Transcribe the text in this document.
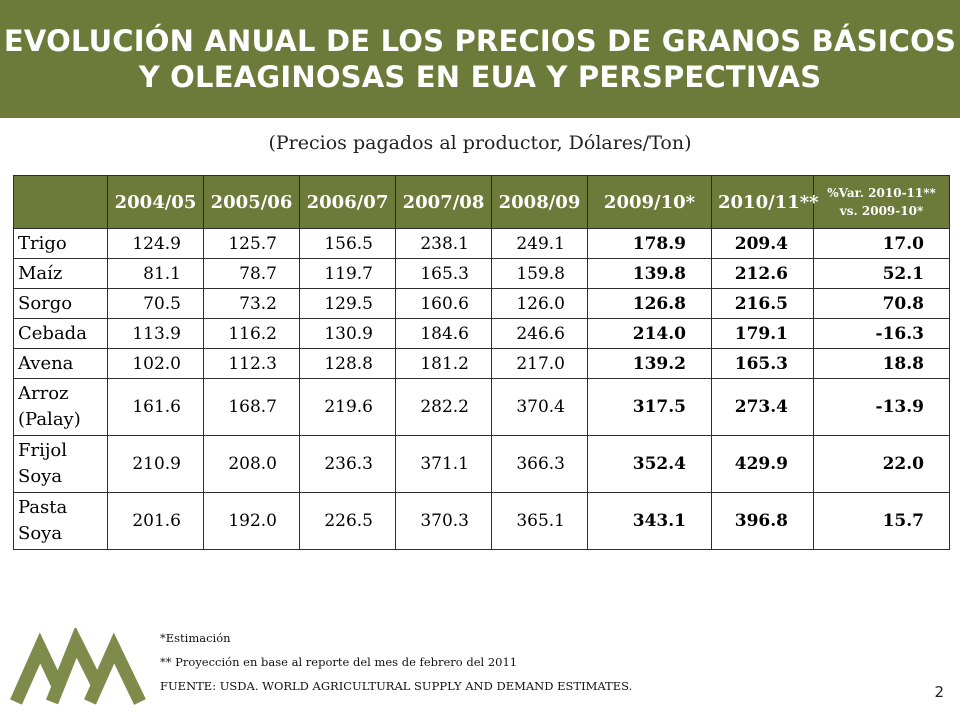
EVOLUCIÓN ANUAL DE LOS PRECIOS DE GRANOS BÁSICOS
Y OLEAGINOSAS EN EUA Y PERSPECTIVAS
(Precios pagados al productor, Dólares/Ton)
	2004/05	2005/06	2006/07	2007/08	2008/09	2009/10*	2010/11**	%Var. 2010-11**
vs. 2009-10*

Trigo	124.9	125.7	156.5	238.1	249.1	178.9	209.4	17.0

Maíz	81.1	78.7	119.7	165.3	159.8	139.8	212.6	52.1

Sorgo	70.5	73.2	129.5	160.6	126.0	126.8	216.5	70.8

Cebada	113.9	116.2	130.9	184.6	246.6	214.0	179.1	-16.3

Avena	102.0	112.3	128.8	181.2	217.0	139.2	165.3	18.8

Arroz
(Palay)	161.6	168.7	219.6	282.2	370.4	317.5	273.4	-13.9

Frijol
Soya	210.9	208.0	236.3	371.1	366.3	352.4	429.9	22.0

Pasta
Soya	201.6	192.0	226.5	370.3	365.1	343.1	396.8	15.7
*Estimación
** Proyección en base al reporte del mes de febrero del 2011
FUENTE: USDA. WORLD AGRICULTURAL SUPPLY AND DEMAND ESTIMATES.	2
